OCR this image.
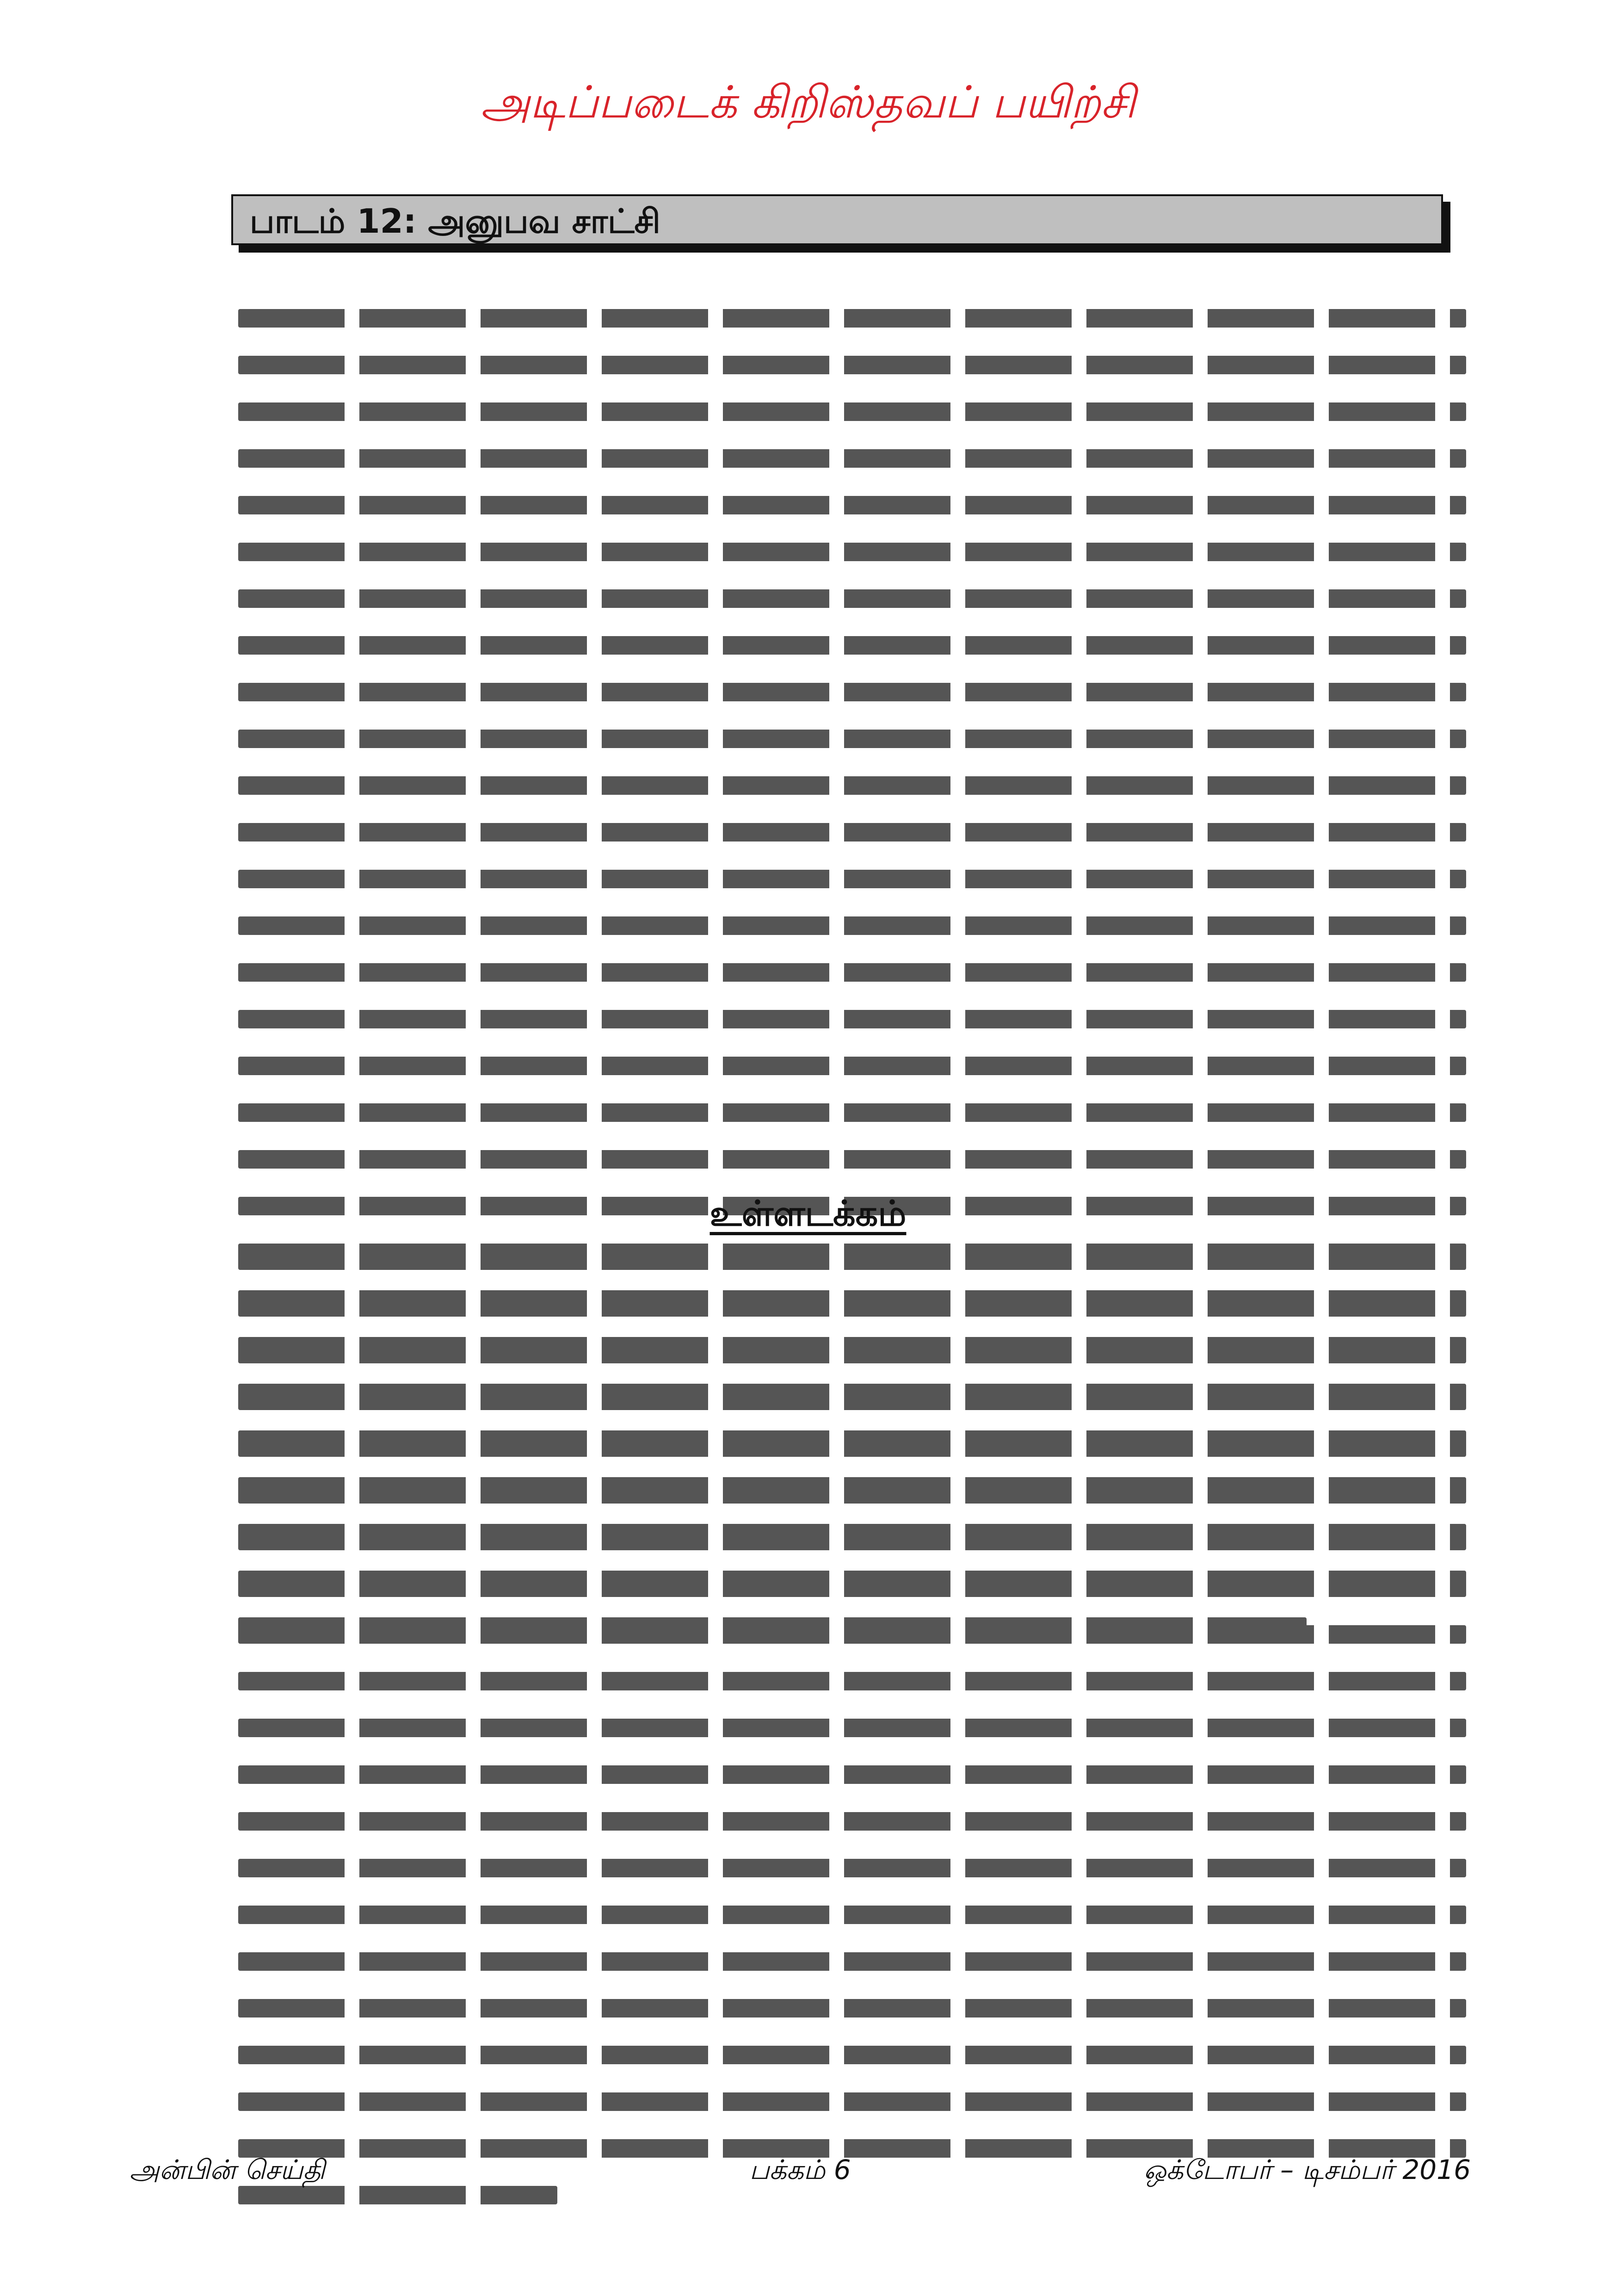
அடிப்படைக் கிறிஸ்தவப் பயிற்சி
பாடம் 12: அனுபவ சாட்சி
உள்ளடக்கம்
அன்பின் செய்தி	பக்கம் 6	ஒக்டோபர் – டிசம்பர் 2016
